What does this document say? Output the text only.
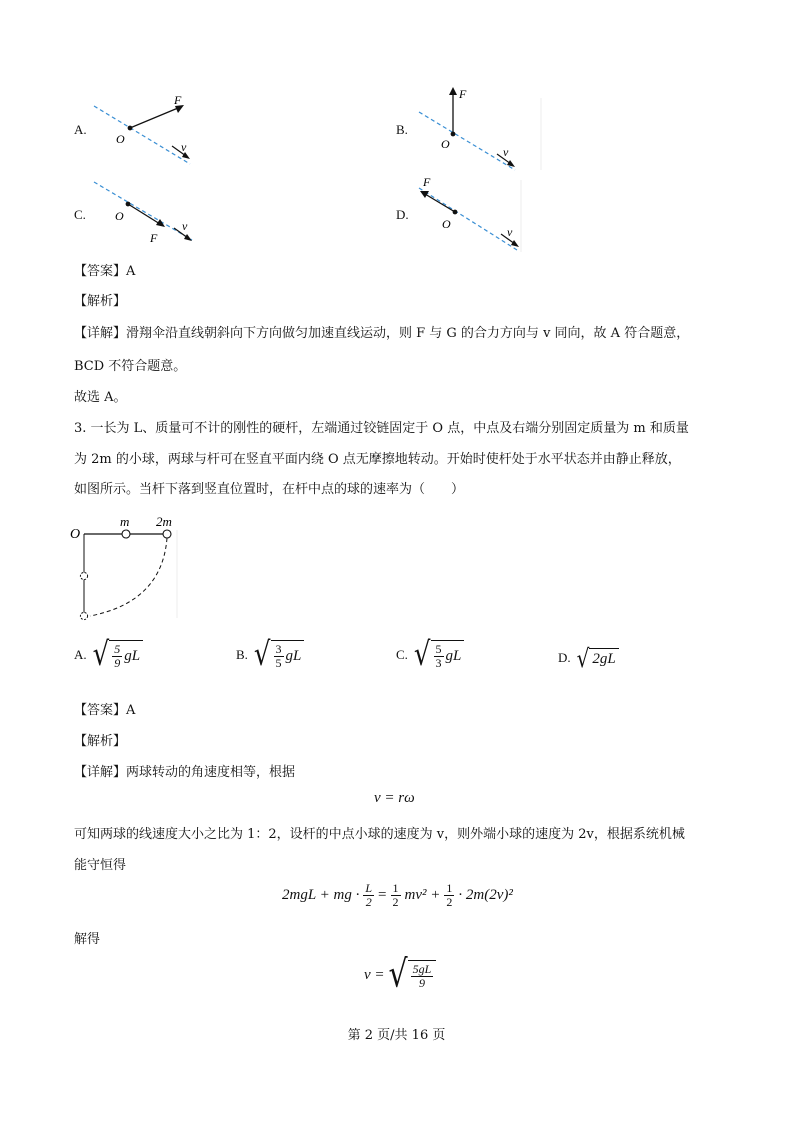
A.
F
O
v
B.
F
O
v
C. O
F
v
D.
F
O
v
【答案】A
【解析】
【详解】滑翔伞沿直线朝斜向下方向做匀加速直线运动，则 F 与 G 的合力方向与 v 同向，故 A 符合题意，
BCD 不符合题意。
故选 A。
3. 一长为 L、质量可不计的刚性的硬杆，左端通过铰链固定于 O 点，中点及右端分别固定质量为 m 和质量
为 2m 的小球，两球与杆可在竖直平面内绕 O 点无摩擦地转动。开始时使杆处于水平状态并由静止释放，
如图所示。当杆下落到竖直位置时，在杆中点的球的速率为（　　）
O
m 2m
A. √ $\frac{5}{9}$ gL	B. √ $\frac{3}{5}$ gL	C. √ $\frac{5}{3}$ gL	D. √ 2gL
【答案】A
【解析】
【详解】两球转动的角速度相等，根据
v = rω
可知两球的线速度大小之比为 1：2，设杆的中点小球的速度为 v，则外端小球的速度为 2v，根据系统机械
能守恒得
2mgL + mg · $\frac{L}{2} = \frac{1}{2} mv^2 + \frac{1}{2} \cdot 2m(2v)^2$
解得
v = √ $\frac{5gL}{9}$
第 2 页/共 16 页
